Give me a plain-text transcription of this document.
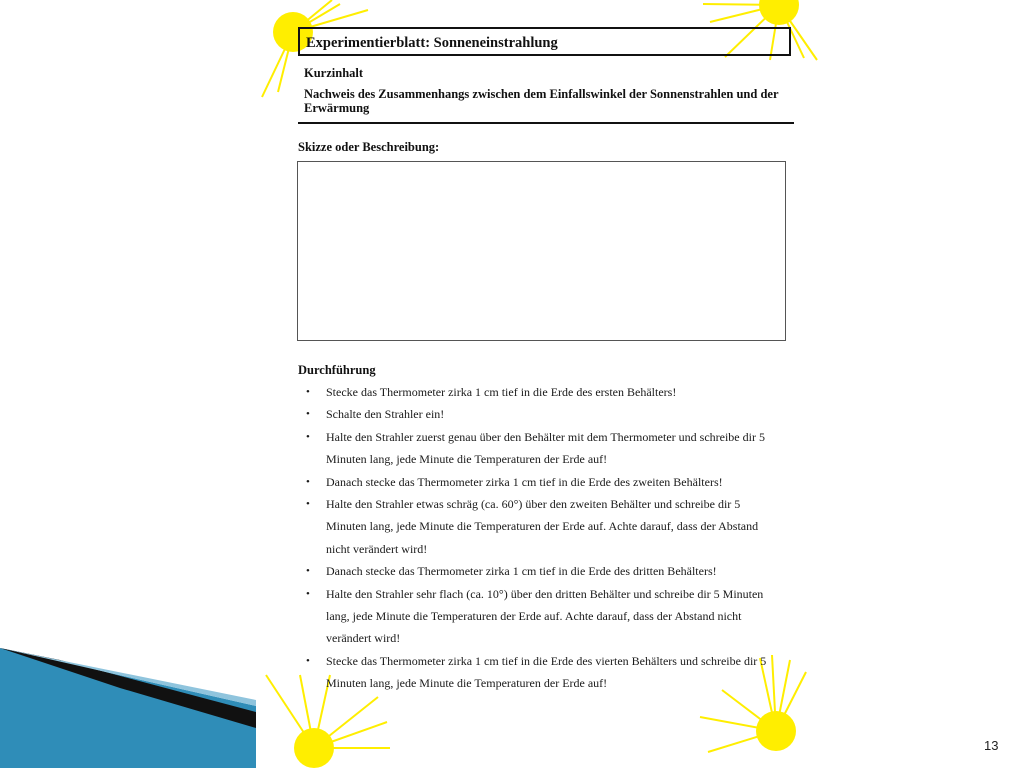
Experimentierblatt: Sonneneinstrahlung
Kurzinhalt
Nachweis des Zusammenhangs zwischen dem Einfallswinkel der Sonnenstrahlen und der Erwärmung
Skizze oder Beschreibung:
Durchführung
• Stecke das Thermometer zirka 1 cm tief in die Erde des ersten Behälters!
• Schalte den Strahler ein!
• Halte den Strahler zuerst genau über den Behälter mit dem Thermometer und schreibe dir 5 Minuten lang, jede Minute die Temperaturen der Erde auf!
• Danach stecke das Thermometer zirka 1 cm tief in die Erde des zweiten Behälters!
• Halte den Strahler etwas schräg (ca. 60°) über den zweiten Behälter und schreibe dir 5 Minuten lang, jede Minute die Temperaturen der Erde auf. Achte darauf, dass der Abstand nicht verändert wird!
• Danach stecke das Thermometer zirka 1 cm tief in die Erde des dritten Behälters!
• Halte den Strahler sehr flach (ca. 10°) über den dritten Behälter und schreibe dir 5 Minuten lang, jede Minute die Temperaturen der Erde auf. Achte darauf, dass der Abstand nicht verändert wird!
• Stecke das Thermometer zirka 1 cm tief in die Erde des vierten Behälters und schreibe dir 5 Minuten lang, jede Minute die Temperaturen der Erde auf!
13
